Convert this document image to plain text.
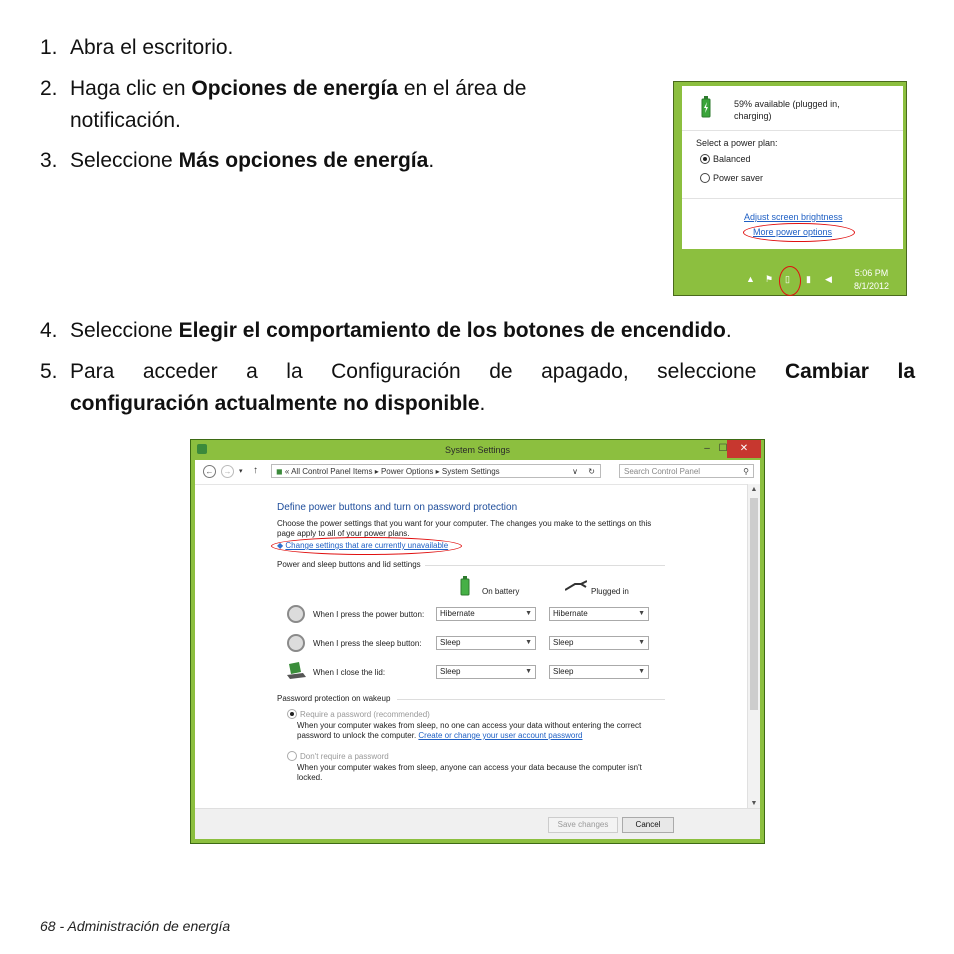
1. Abra el escritorio.
2. Haga clic en Opciones de energía en el área de
notificación.
3. Seleccione Más opciones de energía.
59% available (plugged in,
charging)
Select a power plan:
Balanced
Power saver
Adjust screen brightness
More power options
▲ ⚑ ▯ ▮ ◀
5:06 PM
8/1/2012
4. Seleccione Elegir el comportamiento de los botones de encendido.
5. Para acceder a la Configuración de apagado, seleccione Cambiar la
configuración actualmente no disponible.
System Settings	– ☐	✕
←	→	▾ ↑	◼ « All Control Panel Items ▸ Power Options ▸ System Settings	∨ ↻	Search Control Panel	⚲
Define power buttons and turn on password protection
Choose the power settings that you want for your computer. The changes you make to the settings on this
page apply to all of your power plans.
◆ Change settings that are currently unavailable
Power and sleep buttons and lid settings
On battery	Plugged in
When I press the power button:	Hibernate	▼	Hibernate	▼
When I press the sleep button:	Sleep	▼	Sleep	▼
When I close the lid:	Sleep	▼	Sleep	▼
Password protection on wakeup
Require a password (recommended)
When your computer wakes from sleep, no one can access your data without entering the correct
password to unlock the computer. Create or change your user account password
Don't require a password
When your computer wakes from sleep, anyone can access your data because the computer isn't
locked.
▲
▼
Save changes	Cancel
68 - Administración de energía
